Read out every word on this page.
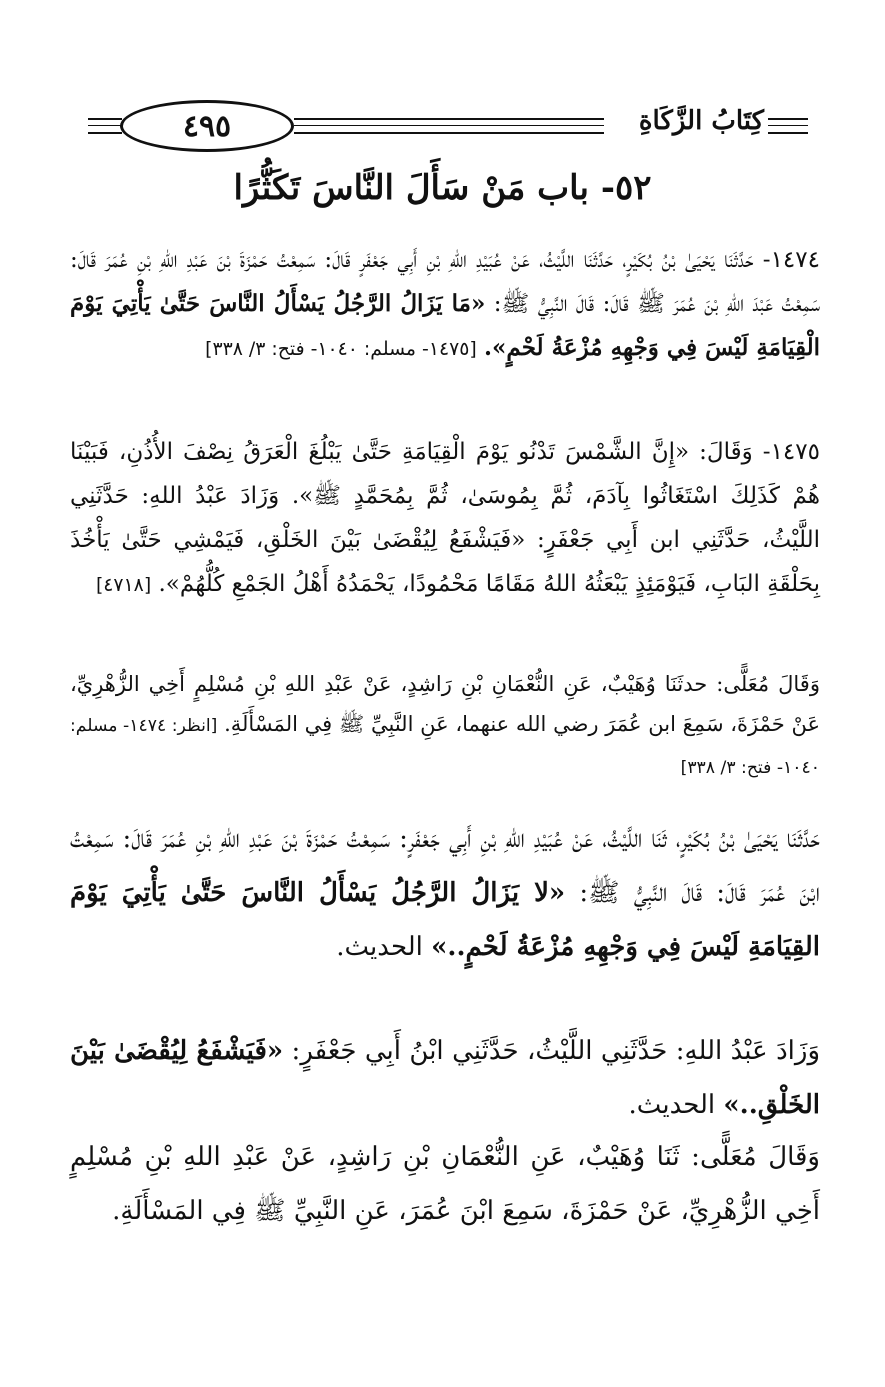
٤٩٥	كِتَابُ الزَّكَاةِ
٥٢- باب مَنْ سَأَلَ النَّاسَ تَكَثُّرًا

١٤٧٤- حَدَّثَنَا يَحْيَىٰ بْنُ بُكَيْرٍ، حَدَّثَنَا اللَّيْثُ، عَنْ عُبَيْدِ اللهِ بْنِ أَبِي جَعْفَرٍ قَالَ: سَمِعْتُ حَمْزَةَ بْنَ عَبْدِ اللهِ بْنِ عُمَرَ قَالَ: سَمِعْتُ عَبْدَ اللهِ بْنَ عُمَرَ ﷺ قَالَ: قَالَ النَّبِيُّ ﷺ: «مَا يَزَالُ الرَّجُلُ يَسْأَلُ النَّاسَ حَتَّىٰ يَأْتِيَ يَوْمَ الْقِيَامَةِ لَيْسَ فِي وَجْهِهِ مُزْعَةُ لَحْمٍ». [١٤٧٥- مسلم: ١٠٤٠- فتح: ٣/ ٣٣٨]

١٤٧٥- وَقَالَ: «إِنَّ الشَّمْسَ تَدْنُو يَوْمَ الْقِيَامَةِ حَتَّىٰ يَبْلُغَ الْعَرَقُ نِصْفَ الأُذُنِ، فَبَيْنَا هُمْ كَذَلِكَ اسْتَغَاثُوا بِآدَمَ، ثُمَّ بِمُوسَىٰ، ثُمَّ بِمُحَمَّدٍ ﷺ». وَزَادَ عَبْدُ اللهِ: حَدَّثَنِي اللَّيْثُ، حَدَّثَنِي ابن أَبِي جَعْفَرٍ: «فَيَشْفَعُ لِيُقْضَىٰ بَيْنَ الخَلْقِ، فَيَمْشِي حَتَّىٰ يَأْخُذَ بِحَلْقَةِ البَابِ، فَيَوْمَئِذٍ يَبْعَثُهُ اللهُ مَقَامًا مَحْمُودًا، يَحْمَدُهُ أَهْلُ الجَمْعِ كُلُّهُمْ». [٤٧١٨]

وَقَالَ مُعَلًّى: حدثَنَا وُهَيْبٌ، عَنِ النُّعْمَانِ بْنِ رَاشِدٍ، عَنْ عَبْدِ اللهِ بْنِ مُسْلِمٍ أَخِي الزُّهْرِيِّ، عَنْ حَمْزَةَ، سَمِعَ ابن عُمَرَ رضي الله عنهما، عَنِ النَّبِيِّ ﷺ فِي المَسْأَلَةِ. [انظر: ١٤٧٤- مسلم: ١٠٤٠- فتح: ٣/ ٣٣٨]

حَدَّثَنَا يَحْيَىٰ بْنُ بُكَيْرٍ، ثَنَا اللَّيْثُ، عَنْ عُبَيْدِ اللهِ بْنِ أَبِي جَعْفَرٍ: سَمِعْتُ حَمْزَةَ بْنَ عَبْدِ اللهِ بْنِ عُمَرَ قَالَ: سَمِعْتُ ابْنَ عُمَرَ قَالَ: قَالَ النَّبِيُّ ﷺ: «لا يَزَالُ الرَّجُلُ يَسْأَلُ النَّاسَ حَتَّىٰ يَأْتِيَ يَوْمَ القِيَامَةِ لَيْسَ فِي وَجْهِهِ مُزْعَةُ لَحْمٍ..» الحديث.

وَزَادَ عَبْدُ اللهِ: حَدَّثَنِي اللَّيْثُ، حَدَّثَنِي ابْنُ أَبِي جَعْفَرٍ: «فَيَشْفَعُ لِيُقْضَىٰ بَيْنَ الخَلْقِ..» الحديث.

وَقَالَ مُعَلًّى: ثَنَا وُهَيْبٌ، عَنِ النُّعْمَانِ بْنِ رَاشِدٍ، عَنْ عَبْدِ اللهِ بْنِ مُسْلِمٍ أَخِي الزُّهْرِيِّ، عَنْ حَمْزَةَ، سَمِعَ ابْنَ عُمَرَ، عَنِ النَّبِيِّ ﷺ فِي المَسْأَلَةِ.
